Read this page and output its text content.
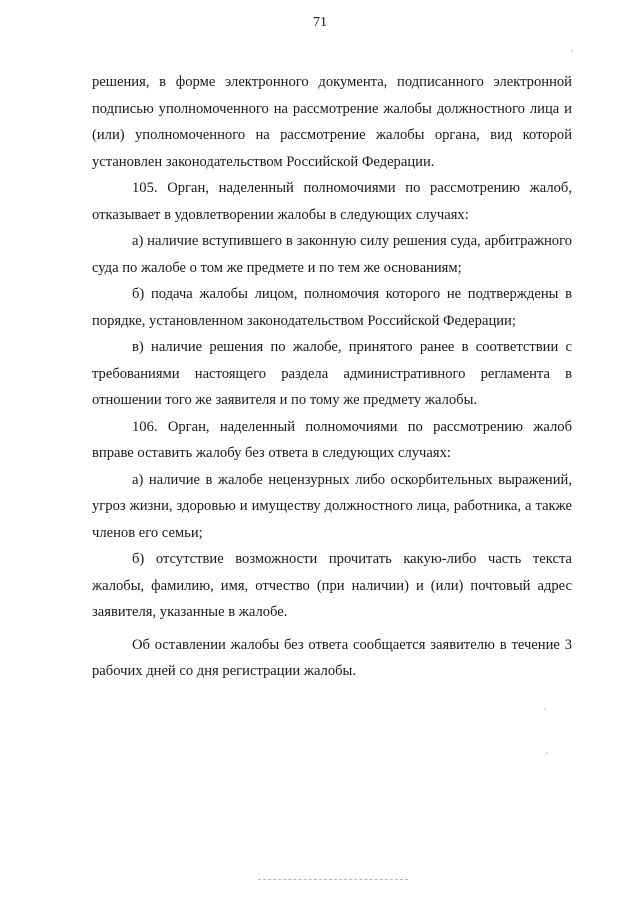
71

решения, в форме электронного документа, подписанного электронной подписью уполномоченного на рассмотрение жалобы должностного лица и (или) уполномоченного на рассмотрение жалобы органа, вид которой установлен законодательством Российской Федерации.

105. Орган, наделенный полномочиями по рассмотрению жалоб, отказывает в удовлетворении жалобы в следующих случаях:

а) наличие вступившего в законную силу решения суда, арбитражного суда по жалобе о том же предмете и по тем же основаниям;

б) подача жалобы лицом, полномочия которого не подтверждены в порядке, установленном законодательством Российской Федерации;

в) наличие решения по жалобе, принятого ранее в соответствии с требованиями настоящего раздела административного регламента в отношении того же заявителя и по тому же предмету жалобы.

106. Орган, наделенный полномочиями по рассмотрению жалоб вправе оставить жалобу без ответа в следующих случаях:

а) наличие в жалобе нецензурных либо оскорбительных выражений, угроз жизни, здоровью и имуществу должностного лица, работника, а также членов его семьи;

б) отсутствие возможности прочитать какую-либо часть текста жалобы, фамилию, имя, отчество (при наличии) и (или) почтовый адрес заявителя, указанные в жалобе.

Об оставлении жалобы без ответа сообщается заявителю в течение 3 рабочих дней со дня регистрации жалобы.
